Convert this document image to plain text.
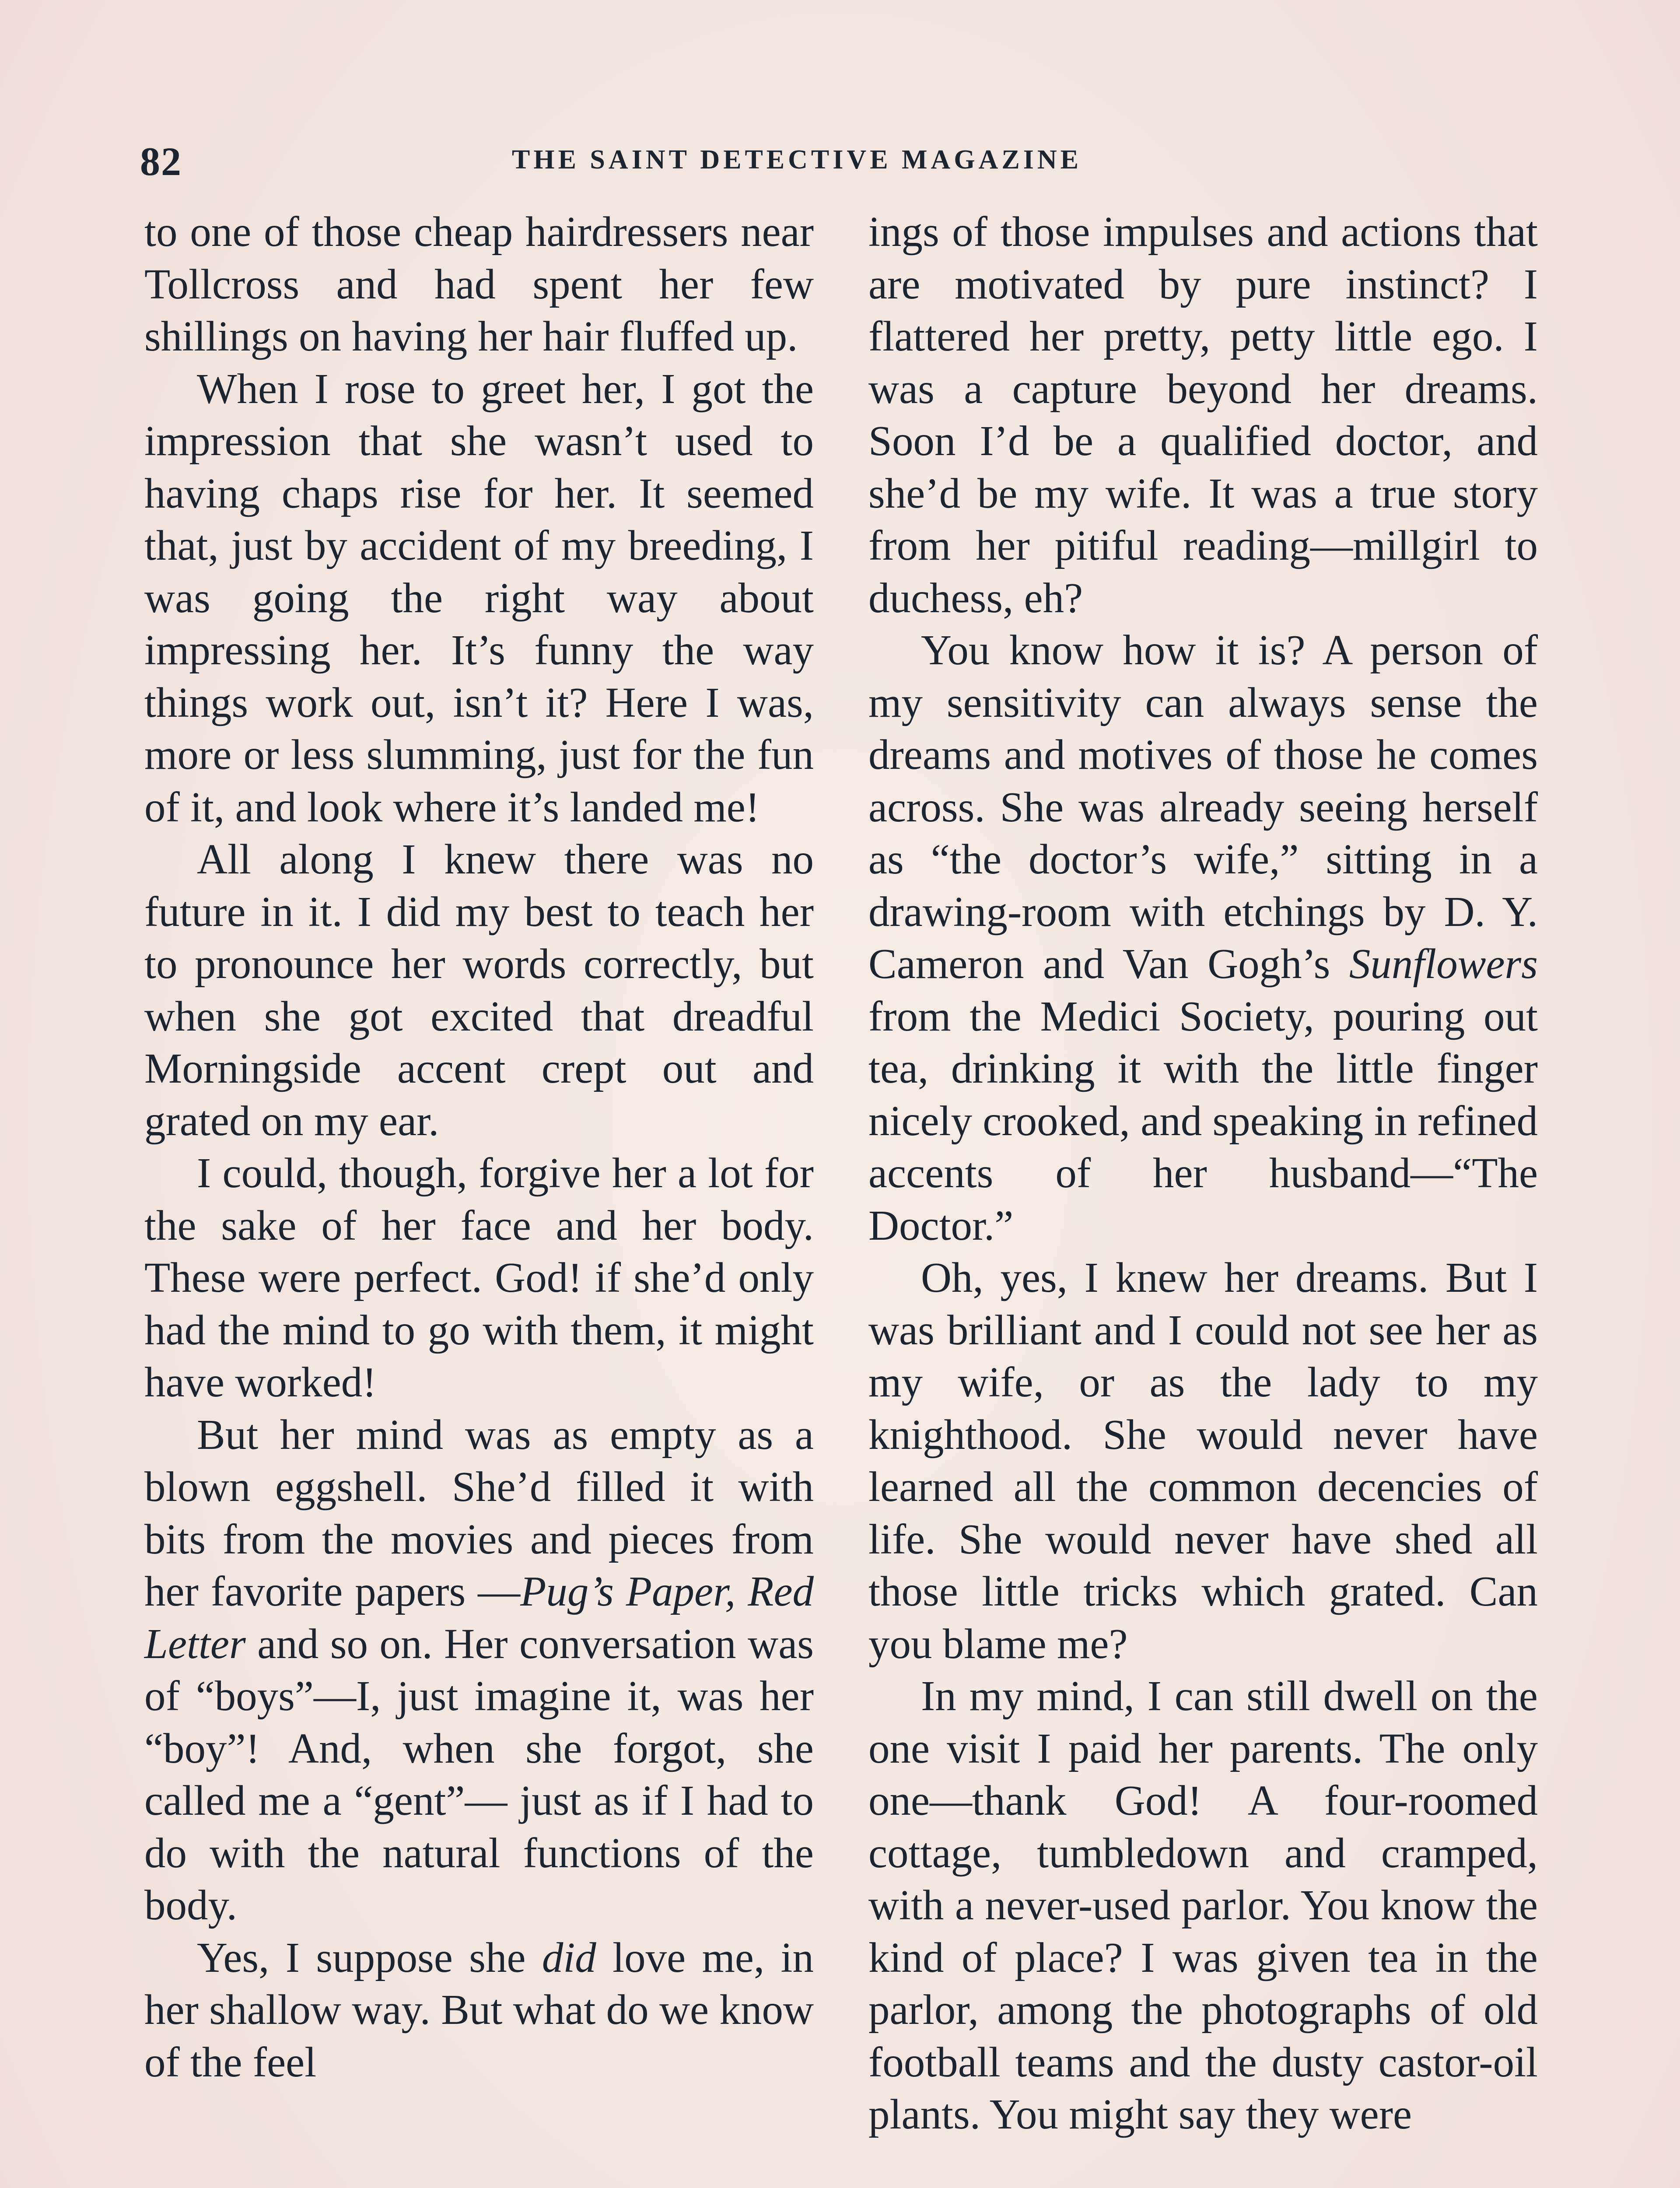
82	THE SAINT DETECTIVE MAGAZINE

to one of those cheap hairdressers near Tollcross and had spent her few shillings on having her hair fluffed up.

When I rose to greet her, I got the impression that she wasn’t used to having chaps rise for her. It seemed that, just by accident of my breeding, I was going the right way about impressing her. It’s funny the way things work out, isn’t it? Here I was, more or less slumming, just for the fun of it, and look where it’s landed me!

All along I knew there was no future in it. I did my best to teach her to pronounce her words correctly, but when she got excited that dreadful Morningside accent crept out and grated on my ear.

I could, though, forgive her a lot for the sake of her face and her body. These were perfect. God! if she’d only had the mind to go with them, it might have worked!

But her mind was as empty as a blown eggshell. She’d filled it with bits from the movies and pieces from her favorite papers —Pug’s Paper, Red Letter and so on. Her conversation was of “boys”—I, just imagine it, was her “boy”! And, when she forgot, she called me a “gent”— just as if I had to do with the natural functions of the body.

Yes, I suppose she did love me, in her shallow way. But what do we know of the feel

ings of those impulses and actions that are motivated by pure instinct? I flattered her pretty, petty little ego. I was a capture beyond her dreams. Soon I’d be a qualified doctor, and she’d be my wife. It was a true story from her pitiful reading—millgirl to duchess, eh?

You know how it is? A person of my sensitivity can always sense the dreams and motives of those he comes across. She was already seeing herself as “the doctor’s wife,” sitting in a drawing-room with etchings by D. Y. Cameron and Van Gogh’s Sunflowers from the Medici Society, pouring out tea, drinking it with the little finger nicely crooked, and speaking in refined accents of her husband—“The Doctor.”

Oh, yes, I knew her dreams. But I was brilliant and I could not see her as my wife, or as the lady to my knighthood. She would never have learned all the common decencies of life. She would never have shed all those little tricks which grated. Can you blame me?

In my mind, I can still dwell on the one visit I paid her parents. The only one—thank God! A four-roomed cottage, tumbledown and cramped, with a never-used parlor. You know the kind of place? I was given tea in the parlor, among the photographs of old football teams and the dusty castor-oil plants. You might say they were
